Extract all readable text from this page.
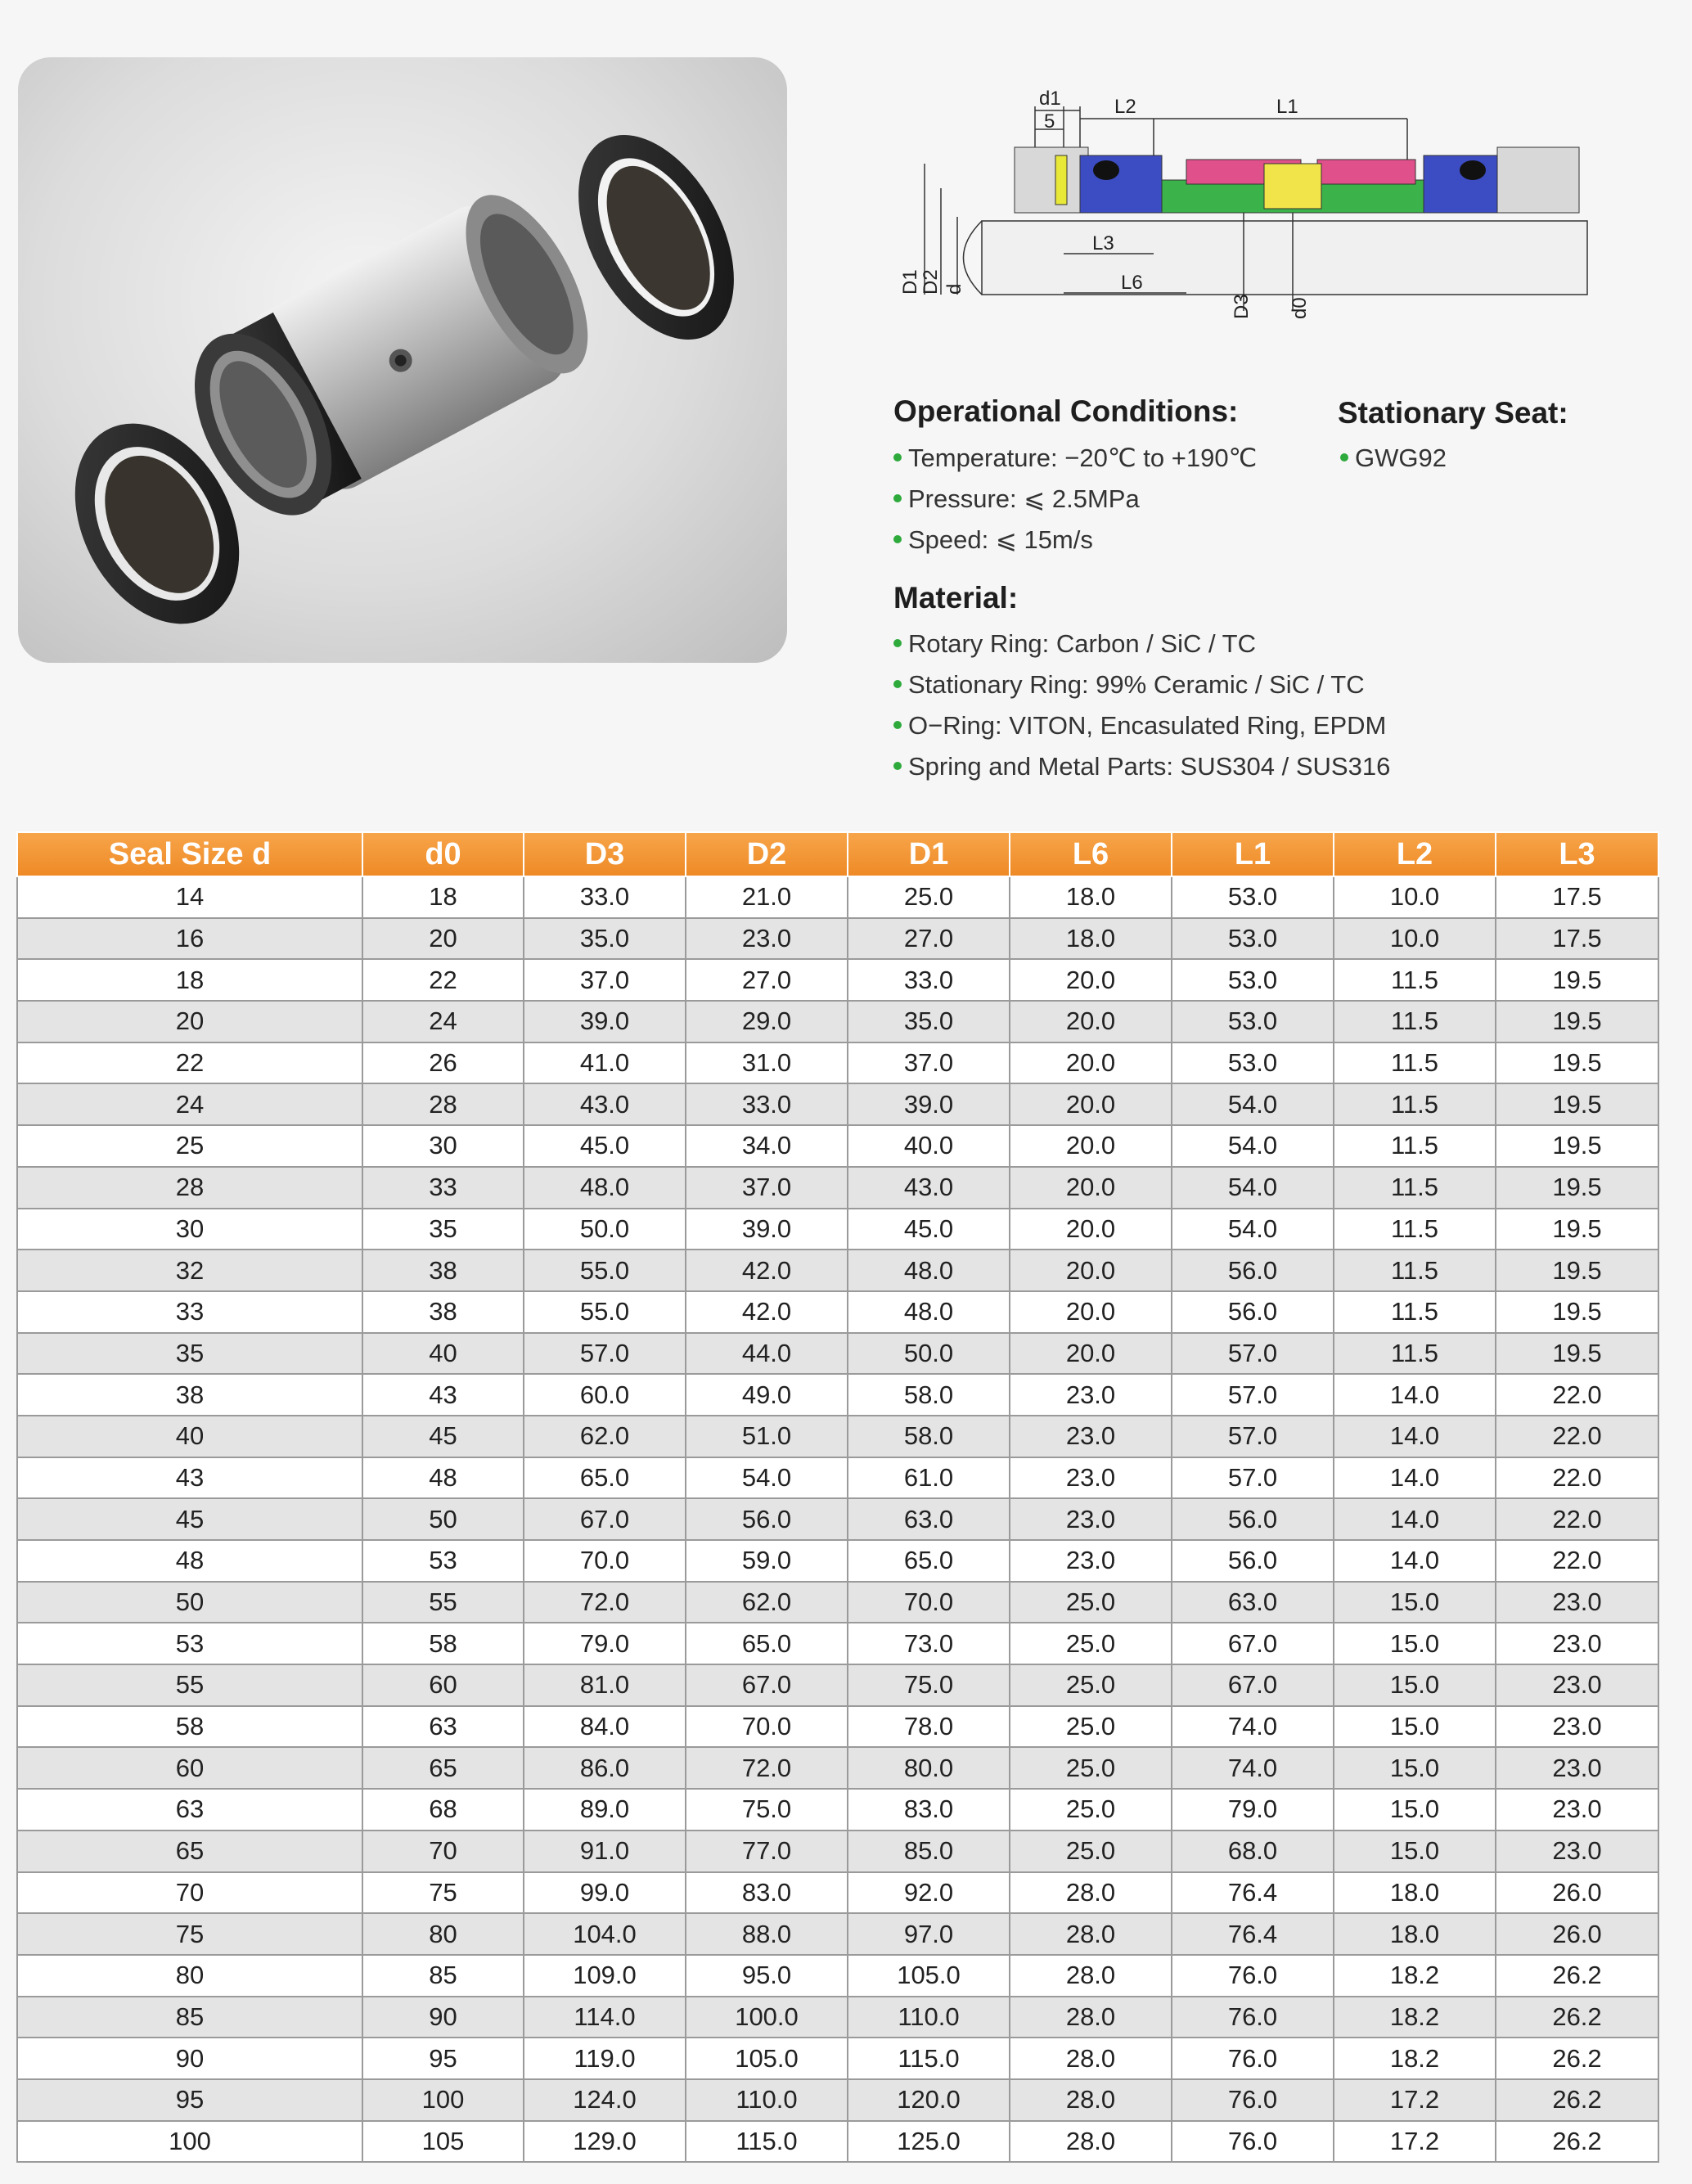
d1
5
L2	L1
L3
L6
D1
D2 d
D3 d0
Operational Conditions:
Temperature: −20℃ to +190℃
Pressure: ⩽ 2.5MPa
Speed: ⩽ 15m/s
Stationary Seat:
GWG92
Material:
Rotary Ring: Carbon / SiC / TC
Stationary Ring: 99% Ceramic / SiC / TC
O−Ring: VITON, Encasulated Ring, EPDM
Spring and Metal Parts: SUS304 / SUS316
Seal Size d	d0	D3	D2	D1	L6	L1	L2	L3
14	18	33.0	21.0	25.0	18.0	53.0	10.0	17.5
16	20	35.0	23.0	27.0	18.0	53.0	10.0	17.5
18	22	37.0	27.0	33.0	20.0	53.0	11.5	19.5
20	24	39.0	29.0	35.0	20.0	53.0	11.5	19.5
22	26	41.0	31.0	37.0	20.0	53.0	11.5	19.5
24	28	43.0	33.0	39.0	20.0	54.0	11.5	19.5
25	30	45.0	34.0	40.0	20.0	54.0	11.5	19.5
28	33	48.0	37.0	43.0	20.0	54.0	11.5	19.5
30	35	50.0	39.0	45.0	20.0	54.0	11.5	19.5
32	38	55.0	42.0	48.0	20.0	56.0	11.5	19.5
33	38	55.0	42.0	48.0	20.0	56.0	11.5	19.5
35	40	57.0	44.0	50.0	20.0	57.0	11.5	19.5
38	43	60.0	49.0	58.0	23.0	57.0	14.0	22.0
40	45	62.0	51.0	58.0	23.0	57.0	14.0	22.0
43	48	65.0	54.0	61.0	23.0	57.0	14.0	22.0
45	50	67.0	56.0	63.0	23.0	56.0	14.0	22.0
48	53	70.0	59.0	65.0	23.0	56.0	14.0	22.0
50	55	72.0	62.0	70.0	25.0	63.0	15.0	23.0
53	58	79.0	65.0	73.0	25.0	67.0	15.0	23.0
55	60	81.0	67.0	75.0	25.0	67.0	15.0	23.0
58	63	84.0	70.0	78.0	25.0	74.0	15.0	23.0
60	65	86.0	72.0	80.0	25.0	74.0	15.0	23.0
63	68	89.0	75.0	83.0	25.0	79.0	15.0	23.0
65	70	91.0	77.0	85.0	25.0	68.0	15.0	23.0
70	75	99.0	83.0	92.0	28.0	76.4	18.0	26.0
75	80	104.0	88.0	97.0	28.0	76.4	18.0	26.0
80	85	109.0	95.0	105.0	28.0	76.0	18.2	26.2
85	90	114.0	100.0	110.0	28.0	76.0	18.2	26.2
90	95	119.0	105.0	115.0	28.0	76.0	18.2	26.2
95	100	124.0	110.0	120.0	28.0	76.0	17.2	26.2
100	105	129.0	115.0	125.0	28.0	76.0	17.2	26.2
